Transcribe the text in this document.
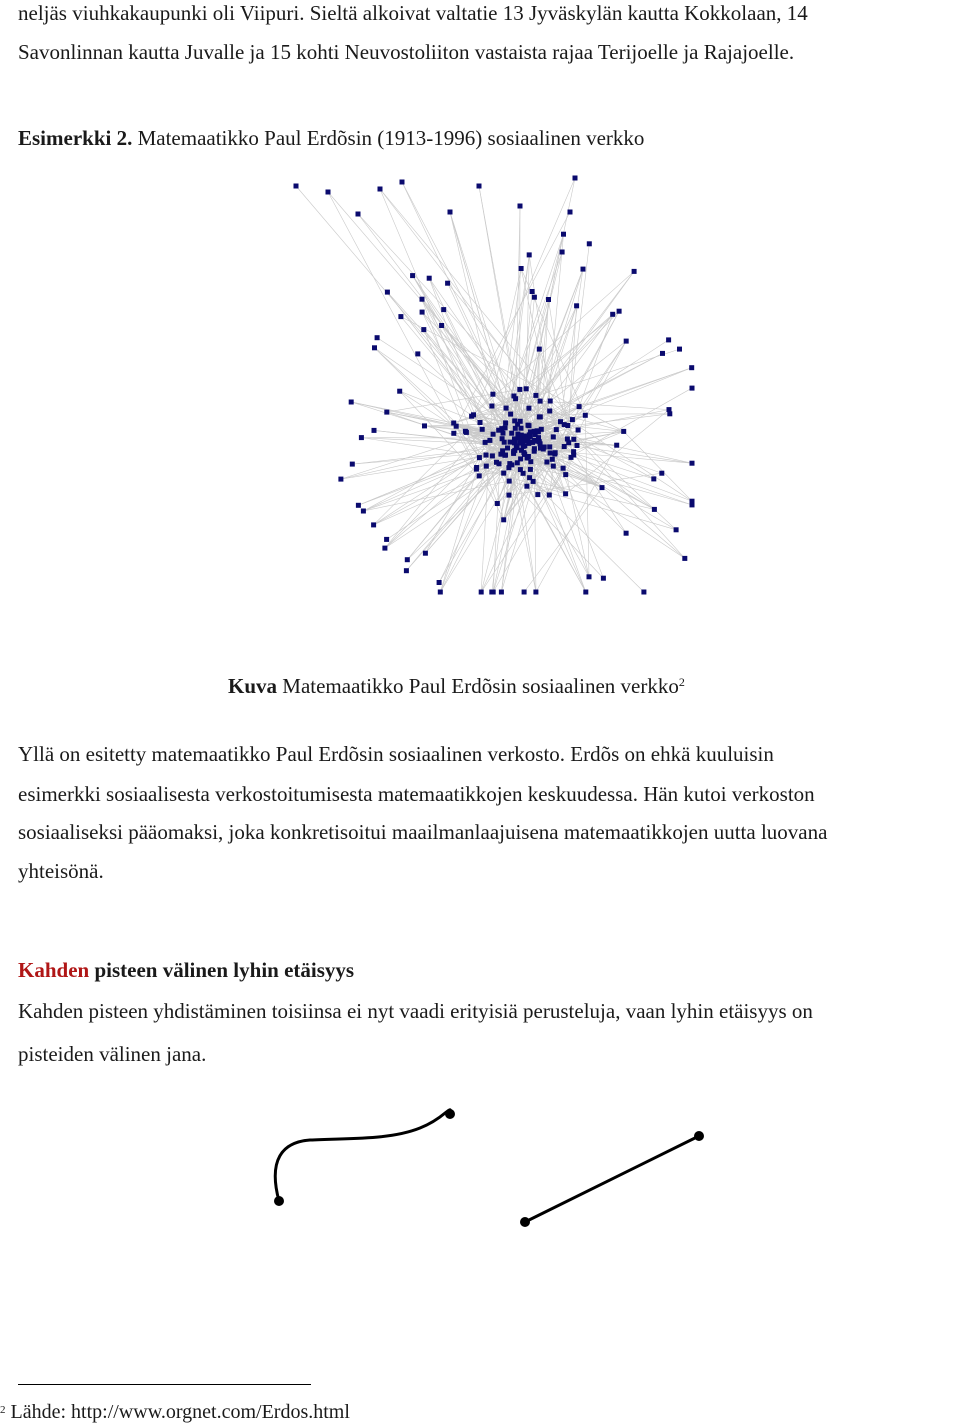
neljäs viuhkakaupunki oli Viipuri. Sieltä alkoivat valtatie 13 Jyväskylän kautta Kokkolaan, 14

Savonlinnan kautta Juvalle ja 15 kohti Neuvostoliiton vastaista rajaa Terijoelle ja Rajajoelle.

Esimerkki 2. Matemaatikko Paul Erdõsin (1913-1996) sosiaalinen verkko

Kuva Matemaatikko Paul Erdõsin sosiaalinen verkko$^2$

Yllä on esitetty matemaatikko Paul Erdõsin sosiaalinen verkosto. Erdõs on ehkä kuuluisin

esimerkki sosiaalisesta verkostoitumisesta matemaatikkojen keskuudessa. Hän kutoi verkoston

sosiaaliseksi pääomaksi, joka konkretisoitui maailmanlaajuisena matemaatikkojen uutta luovana

yhteisönä.

Kahden pisteen välinen lyhin etäisyys

Kahden pisteen yhdistäminen toisiinsa ei nyt vaadi erityisiä perusteluja, vaan lyhin etäisyys on

pisteiden välinen jana.

$^2$ Lähde: http://www.orgnet.com/Erdos.html
